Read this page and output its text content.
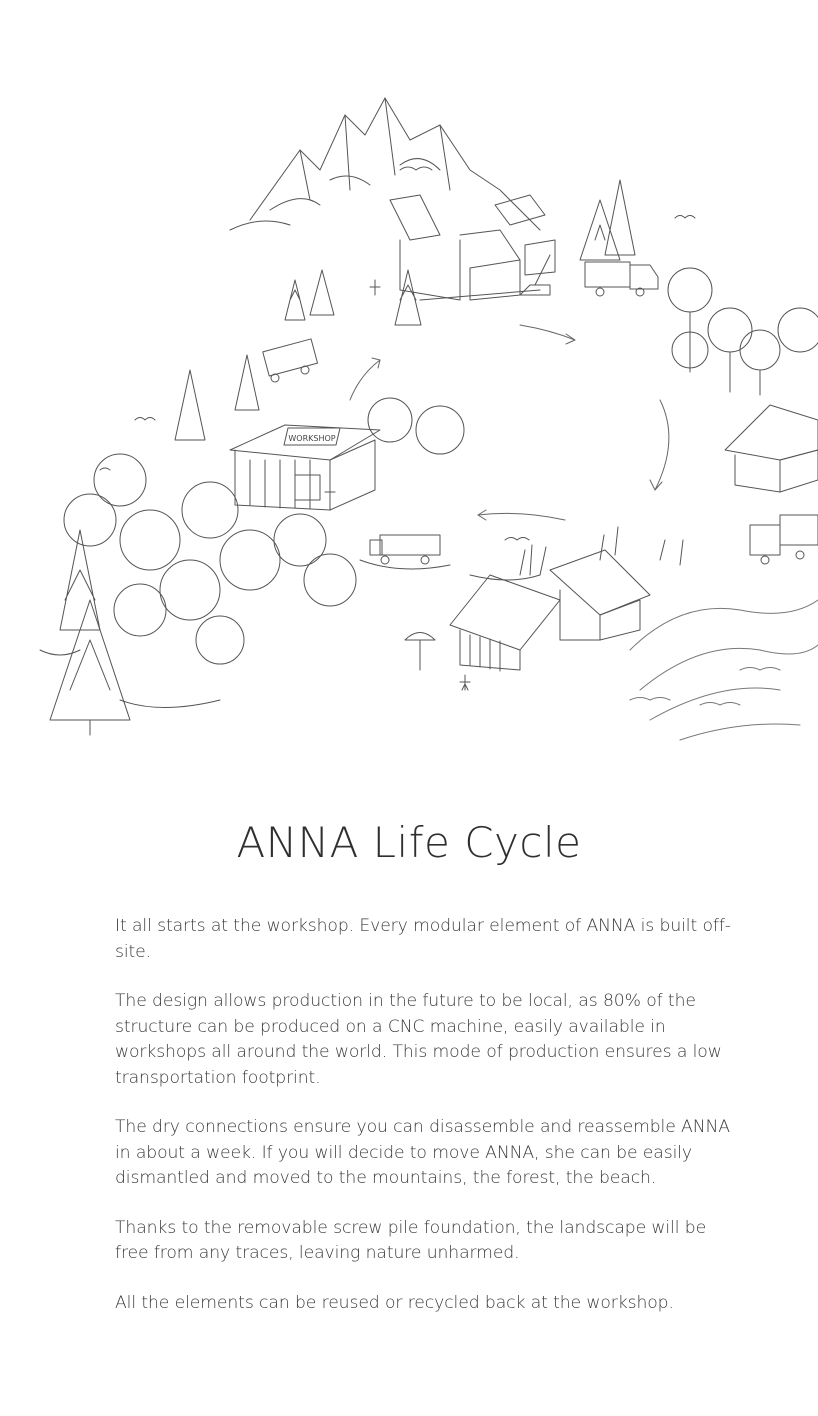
WORKSHOP
ANNA Life Cycle

It all starts at the workshop. Every modular element of ANNA is built off-site.

The design allows production in the future to be local, as 80% of the structure can be produced on a CNC machine, easily available in workshops all around the world. This mode of production ensures a low transportation footprint.

The dry connections ensure you can disassemble and reassemble ANNA in about a week. If you will decide to move ANNA, she can be easily dismantled and moved to the mountains, the forest, the beach.

Thanks to the removable screw pile foundation, the landscape will be free from any traces, leaving nature unharmed.

All the elements can be reused or recycled back at the workshop.
